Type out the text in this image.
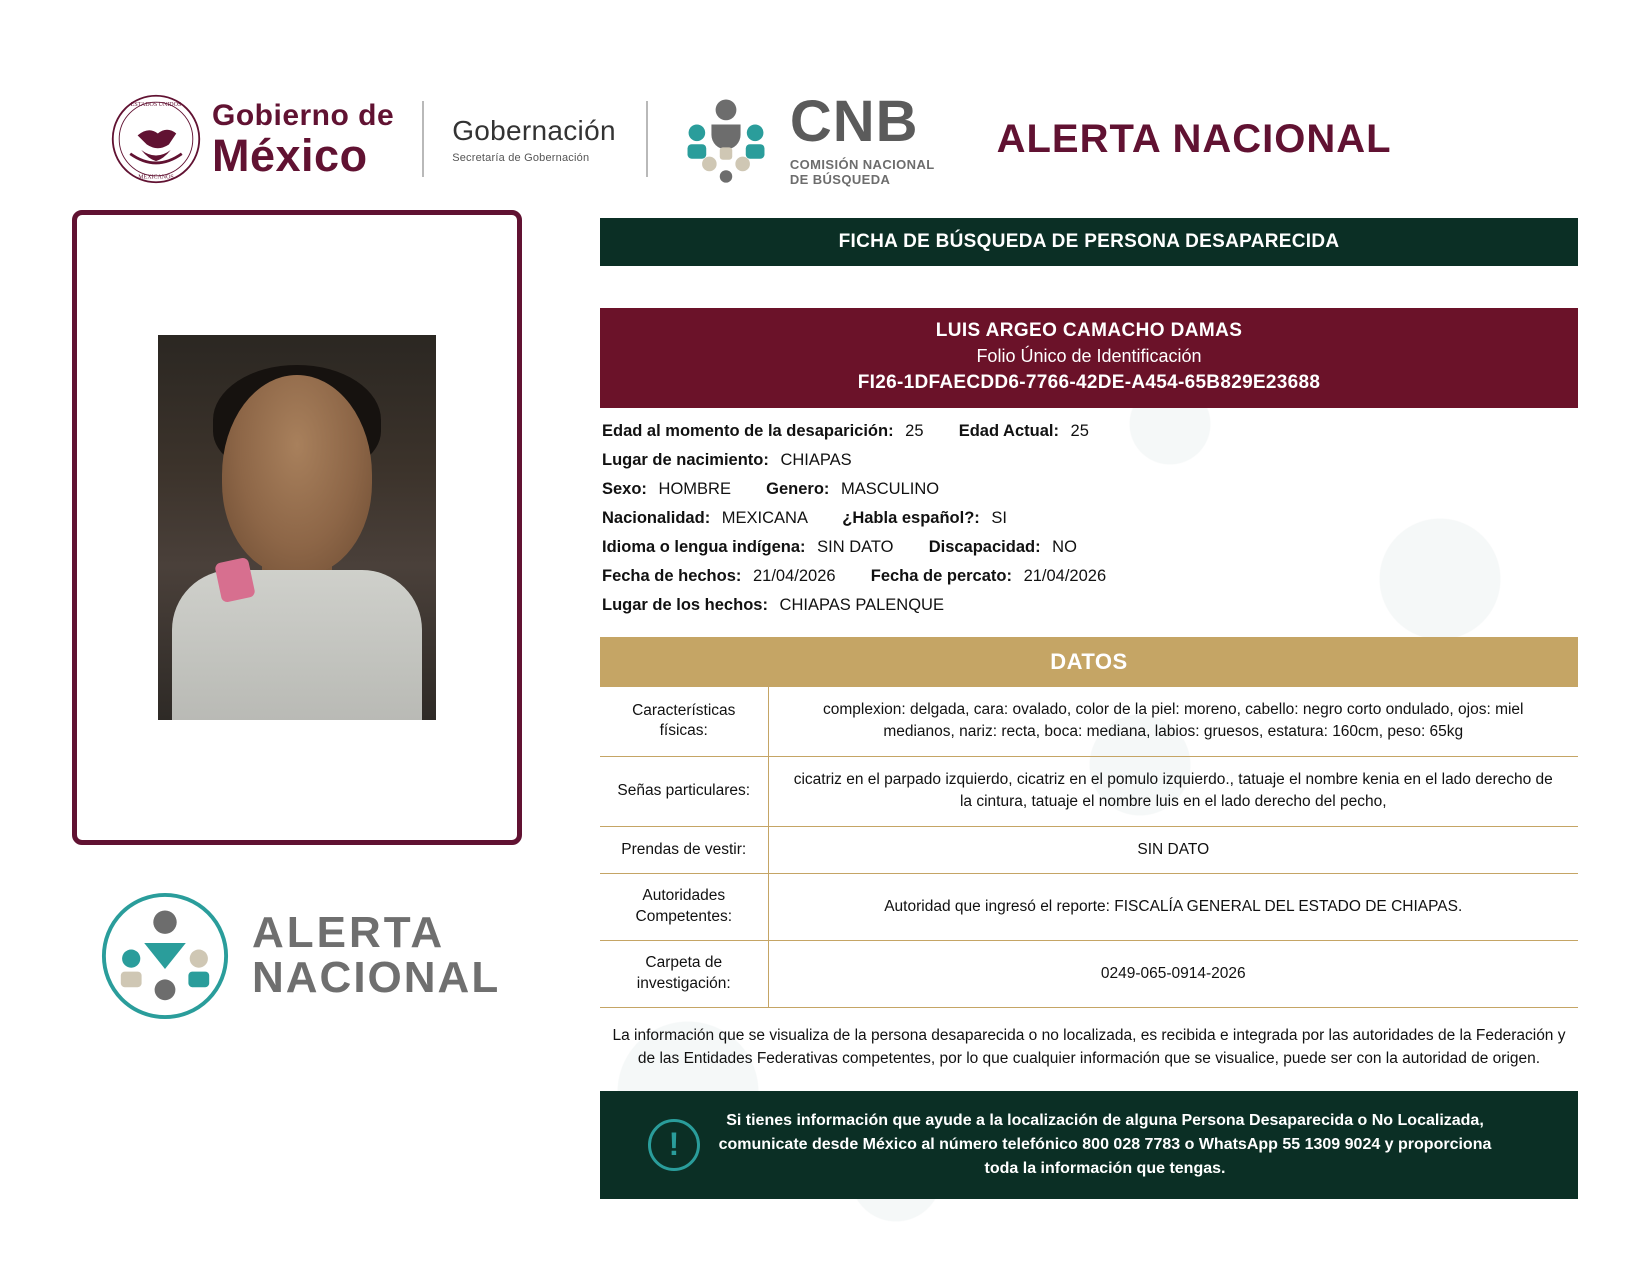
ESTADOS UNIDOS
MEXICANOS
Gobierno de
México	Gobernación
Secretaría de Gobernación
CNB
COMISIÓN NACIONAL
DE BÚSQUEDA
ALERTA NACIONAL
ALERTA
NACIONAL
FICHA DE BÚSQUEDA DE PERSONA DESAPARECIDA
LUIS ARGEO CAMACHO DAMAS
Folio Único de Identificación
FI26-1DFAECDD6-7766-42DE-A454-65B829E23688
Edad al momento de la desaparición: 25 Edad Actual: 25
Lugar de nacimiento: CHIAPAS
Sexo: HOMBRE Genero: MASCULINO
Nacionalidad: MEXICANA ¿Habla español?: SI
Idioma o lengua indígena: SIN DATO Discapacidad: NO
Fecha de hechos: 21/04/2026 Fecha de percato: 21/04/2026
Lugar de los hechos: CHIAPAS PALENQUE
DATOS
Características físicas:	complexion: delgada, cara: ovalado, color de la piel: moreno, cabello: negro corto ondulado, ojos: miel medianos, nariz: recta, boca: mediana, labios: gruesos, estatura: 160cm, peso: 65kg
Señas particulares:	cicatriz en el parpado izquierdo, cicatriz en el pomulo izquierdo., tatuaje el nombre kenia en el lado derecho de la cintura, tatuaje el nombre luis en el lado derecho del pecho,
Prendas de vestir:	SIN DATO
Autoridades Competentes:	Autoridad que ingresó el reporte: FISCALÍA GENERAL DEL ESTADO DE CHIAPAS.
Carpeta de investigación:	0249-065-0914-2026
La información que se visualiza de la persona desaparecida o no localizada, es recibida e integrada por las autoridades de la Federación y de las Entidades Federativas competentes, por lo que cualquier información que se visualice, puede ser con la autoridad de origen.
!
Si tienes información que ayude a la localización de alguna Persona Desaparecida o No Localizada, comunicate desde México al número telefónico 800 028 7783 o WhatsApp 55 1309 9024 y proporciona toda la información que tengas.
